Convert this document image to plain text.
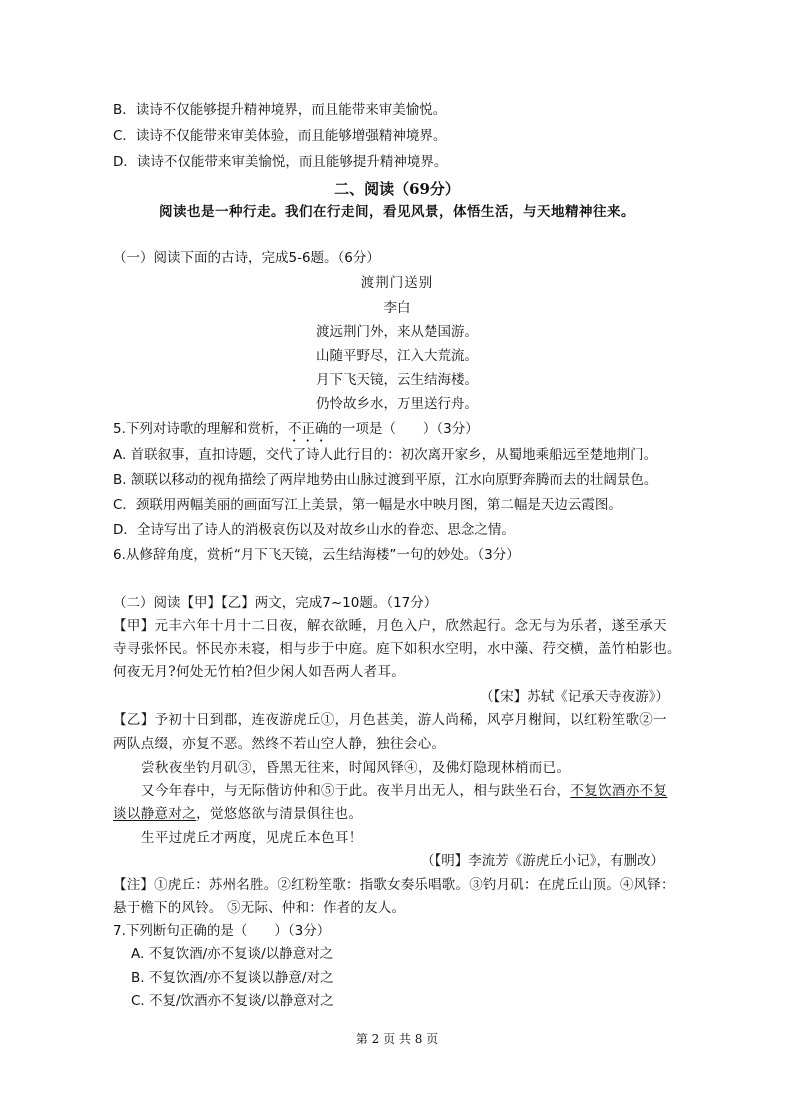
B．读诗不仅能够提升精神境界，而且能带来审美愉悦。
C．读诗不仅能带来审美体验，而且能够增强精神境界。
D．读诗不仅能带来审美愉悦，而且能够提升精神境界。
二、阅读（69分）
阅读也是一种行走。我们在行走间，看见风景，体悟生活，与天地精神往来。
（一）阅读下面的古诗，完成5-6题。（6分）
渡荆门送别
李白
渡远荆门外，来从楚国游。
山随平野尽，江入大荒流。
月下飞天镜，云生结海楼。
仍怜故乡水，万里送行舟。
5.下列对诗歌的理解和赏析，不正确的一项是（　　）（3分）
A. 首联叙事，直扣诗题，交代了诗人此行目的：初次离开家乡，从蜀地乘船远至楚地荆门。
B. 颔联以移动的视角描绘了两岸地势由山脉过渡到平原，江水向原野奔腾而去的壮阔景色。
C．颈联用两幅美丽的画面写江上美景，第一幅是水中映月图，第二幅是天边云霞图。
D．全诗写出了诗人的消极哀伤以及对故乡山水的眷恋、思念之情。
6.从修辞角度，赏析“月下飞天镜，云生结海楼”一句的妙处。（3分）
（二）阅读【甲】【乙】两文，完成7~10题。（17分）
【甲】元丰六年十月十二日夜，解衣欲睡，月色入户，欣然起行。念无与为乐者，遂至承天
寺寻张怀民。怀民亦未寝，相与步于中庭。庭下如积水空明，水中藻、荇交横，盖竹柏影也。
何夜无月?何处无竹柏?但少闲人如吾两人者耳。
（【宋】苏轼《记承天寺夜游》）
【乙】予初十日到郡，连夜游虎丘①，月色甚美，游人尚稀，风亭月榭间，以红粉笙歌②一
两队点缀，亦复不恶。然终不若山空人静，独往会心。
尝秋夜坐钓月矶③，昏黑无往来，时闻风铎④，及佛灯隐现林梢而已。
又今年春中，与无际偕访仲和⑤于此。夜半月出无人，相与趺坐石台，不复饮酒亦不复
谈以静意对之，觉悠悠欲与清景俱往也。
生平过虎丘才两度，见虎丘本色耳！
（【明】李流芳《游虎丘小记》，有删改）
【注】①虎丘：苏州名胜。②红粉笙歌：指歌女奏乐唱歌。③钓月矶：在虎丘山顶。④风铎：
悬于檐下的风铃。 ⑤无际、仲和：作者的友人。
7.下列断句正确的是（　　）（3分）
A. 不复饮酒/亦不复谈/以静意对之
B. 不复饮酒/亦不复谈以静意/对之
C. 不复/饮酒亦不复谈/以静意对之
第 2 页 共 8 页
